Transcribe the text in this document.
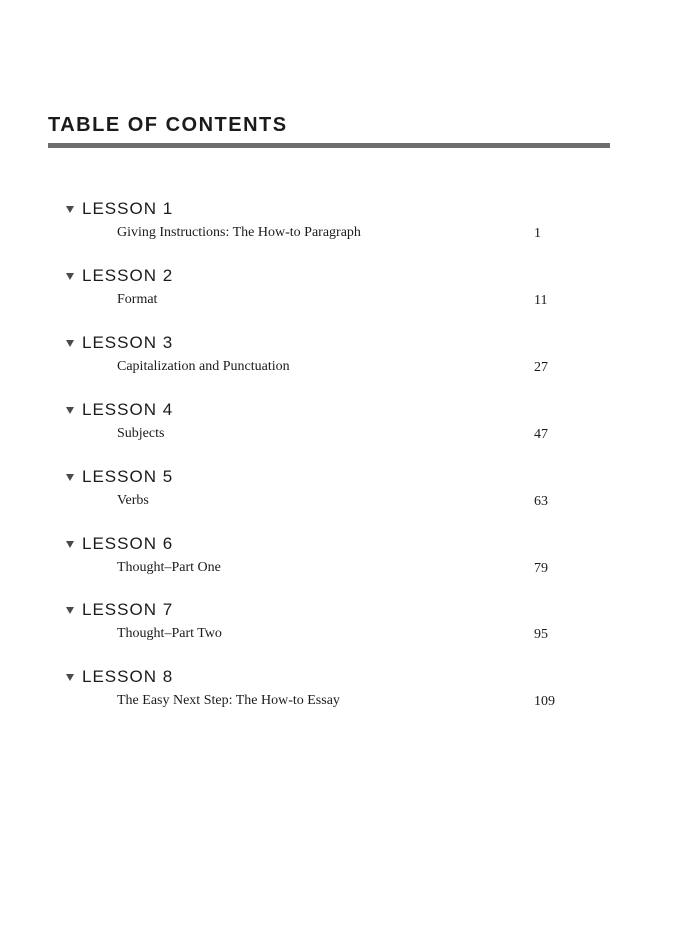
TABLE OF CONTENTS
LESSON 1
Giving Instructions: The How-to Paragraph	1
LESSON 2
Format	11
LESSON 3
Capitalization and Punctuation	27
LESSON 4
Subjects	47
LESSON 5
Verbs	63
LESSON 6
Thought–Part One	79
LESSON 7
Thought–Part Two	95
LESSON 8
The Easy Next Step: The How-to Essay	109
